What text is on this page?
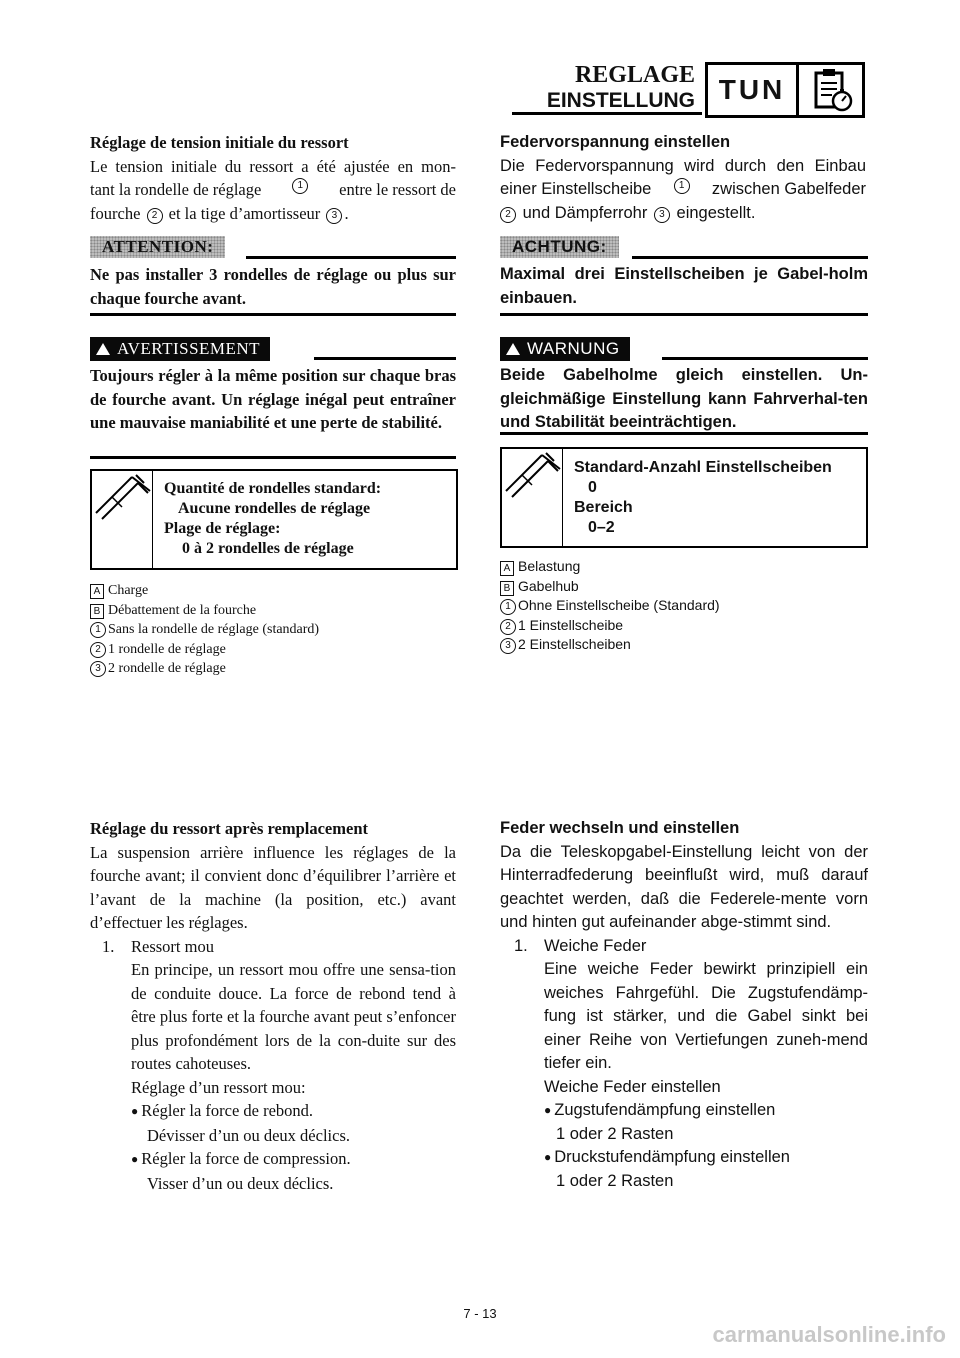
REGLAGE
EINSTELLUNG TUN
Réglage de tension initiale du ressort
Le tension initiale du ressort a été ajustée en mon-
tant la rondelle de réglage	1	entre le ressort de
fourche 2 et la tige d’amortisseur 3 .
ATTENTION:
Ne pas installer 3 rondelles de réglage ou plus sur chaque fourche avant.
AVERTISSEMENT
Toujours régler à la même position sur chaque bras de fourche avant. Un réglage inégal peut entraîner une mauvaise maniabilité et une perte de stabilité.
Quantité de rondelles standard:
Aucune rondelles de réglage
Plage de réglage:
0 à 2 rondelles de réglage
A Charge
B Débattement de la fourche
1 Sans la rondelle de réglage (standard)
2 1 rondelle de réglage
3 2 rondelle de réglage
Réglage du ressort après remplacement
La suspension arrière influence les réglages de la fourche avant; il convient donc d’équilibrer l’arrière et l’avant de la machine (la position, etc.) avant d’effectuer les réglages.
1. Ressort mou
En principe, un ressort mou offre une sensa-tion de conduite douce. La force de rebond tend à être plus forte et la fourche avant peut s’enfoncer plus profondément lors de la con-duite sur des routes cahoteuses.
Réglage d’un ressort mou:
● Régler la force de rebond.
Dévisser d’un ou deux déclics.
● Régler la force de compression.
Visser d’un ou deux déclics.
Federvorspannung einstellen
Die Federvorspannung wird durch den Einbau
einer Einstellscheibe	1	zwischen Gabelfeder
2 und Dämpferrohr 3 eingestellt.
ACHTUNG:
Maximal drei Einstellscheiben je Gabel-holm einbauen.
WARNUNG
Beide Gabelholme gleich einstellen. Un-gleichmäßige Einstellung kann Fahrverhal-ten und Stabilität beeinträchtigen.
Standard-Anzahl Einstellscheiben
0
Bereich
0–2
A Belastung
B Gabelhub
1 Ohne Einstellscheibe (Standard)
2 1 Einstellscheibe
3 2 Einstellscheiben
Feder wechseln und einstellen
Da die Teleskopgabel-Einstellung leicht von der Hinterradfederung beeinflußt wird, muß darauf geachtet werden, daß die Federele-mente vorn und hinten gut aufeinander abge-stimmt sind.
1. Weiche Feder
Eine weiche Feder bewirkt prinzipiell ein weiches Fahrgefühl. Die Zugstufendämp-fung ist stärker, und die Gabel sinkt bei einer Reihe von Vertiefungen zuneh-mend tiefer ein.
Weiche Feder einstellen
● Zugstufendämpfung einstellen
1 oder 2 Rasten
● Druckstufendämpfung einstellen
1 oder 2 Rasten
7 - 13
carmanualsonline.info
